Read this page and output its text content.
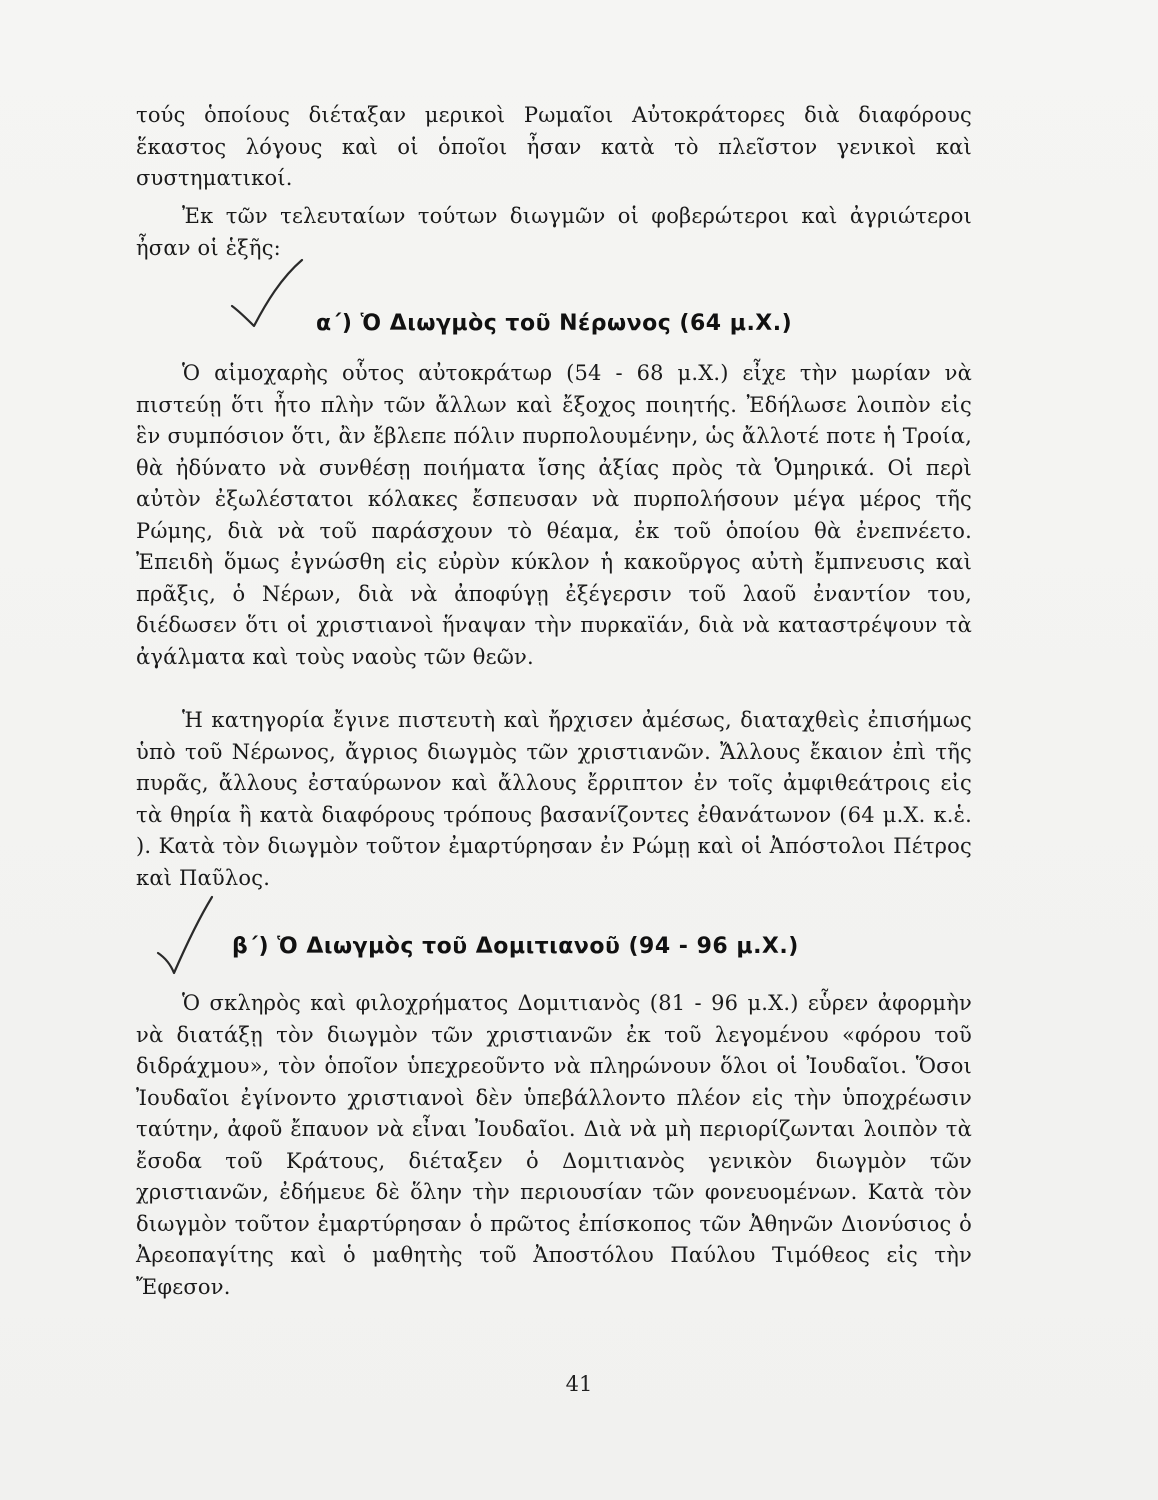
τούς ὁποίους διέταξαν μερικοὶ Ρωμαῖοι Αὐτοκράτορες διὰ διαφόρους ἕκαστος λόγους καὶ οἱ ὁποῖοι ἦσαν κατὰ τὸ πλεῖστον γενικοὶ καὶ συστηματικοί.

Ἐκ τῶν τελευταίων τούτων διωγμῶν οἱ φοβερώτεροι καὶ ἀγριώτεροι ἦσαν οἱ ἑξῆς:

α΄) Ὁ Διωγμὸς τοῦ Νέρωνος (64 μ.Χ.)

Ὁ αἱμοχαρὴς οὗτος αὐτοκράτωρ (54 - 68 μ.Χ.) εἶχε τὴν μωρίαν νὰ πιστεύῃ ὅτι ἦτο πλὴν τῶν ἄλλων καὶ ἔξοχος ποιητής. Ἐδήλωσε λοιπὸν εἰς ἓν συμπόσιον ὅτι, ἂν ἔβλεπε πόλιν πυρπολουμένην, ὡς ἄλλοτέ ποτε ἡ Τροία, θὰ ἠδύνατο νὰ συνθέσῃ ποιήματα ἴσης ἀξίας πρὸς τὰ Ὁμηρικά. Οἱ περὶ αὐτὸν ἐξωλέστατοι κόλακες ἔσπευσαν νὰ πυρπολήσουν μέγα μέρος τῆς Ρώμης, διὰ νὰ τοῦ παράσχουν τὸ θέαμα, ἐκ τοῦ ὁποίου θὰ ἐνεπνέετο. Ἐπειδὴ ὅμως ἐγνώσθη εἰς εὐρὺν κύκλον ἡ κακοῦργος αὐτὴ ἔμπνευσις καὶ πρᾶξις, ὁ Νέρων, διὰ νὰ ἀποφύγῃ ἐξέγερσιν τοῦ λαοῦ ἐναντίον του, διέδωσεν ὅτι οἱ χριστιανοὶ ἥναψαν τὴν πυρκαϊάν, διὰ νὰ καταστρέψουν τὰ ἀγάλματα καὶ τοὺς ναοὺς τῶν θεῶν.

Ἡ κατηγορία ἔγινε πιστευτὴ καὶ ἤρχισεν ἀμέσως, διαταχθεὶς ἐπισήμως ὑπὸ τοῦ Νέρωνος, ἄγριος διωγμὸς τῶν χριστιανῶν. Ἄλλους ἔκαιον ἐπὶ τῆς πυρᾶς, ἄλλους ἐσταύρωνον καὶ ἄλλους ἔρριπτον ἐν τοῖς ἀμφιθεάτροις εἰς τὰ θηρία ἢ κατὰ διαφόρους τρόπους βασανίζοντες ἐθανάτωνον (64 μ.Χ. κ.ἑ. ). Κατὰ τὸν διωγμὸν τοῦτον ἐμαρτύρησαν ἐν Ρώμῃ καὶ οἱ Ἀπόστολοι Πέτρος καὶ Παῦλος.

β΄) Ὁ Διωγμὸς τοῦ Δομιτιανοῦ (94 - 96 μ.Χ.)

Ὁ σκληρὸς καὶ φιλοχρήματος Δομιτιανὸς (81 - 96 μ.Χ.) εὗρεν ἀφορμὴν νὰ διατάξῃ τὸν διωγμὸν τῶν χριστιανῶν ἐκ τοῦ λεγομένου «φόρου τοῦ διδράχμου», τὸν ὁποῖον ὑπεχρεοῦντο νὰ πληρώνουν ὅλοι οἱ Ἰουδαῖοι. Ὅσοι Ἰουδαῖοι ἐγίνοντο χριστιανοὶ δὲν ὑπεβάλλοντο πλέον εἰς τὴν ὑποχρέωσιν ταύτην, ἀφοῦ ἔπαυον νὰ εἶναι Ἰουδαῖοι. Διὰ νὰ μὴ περιορίζωνται λοιπὸν τὰ ἔσοδα τοῦ Κράτους, διέταξεν ὁ Δομιτιανὸς γενικὸν διωγμὸν τῶν χριστιανῶν, ἐδήμευε δὲ ὅλην τὴν περιουσίαν τῶν φονευομένων. Κατὰ τὸν διωγμὸν τοῦτον ἐμαρτύρησαν ὁ πρῶτος ἐπίσκοπος τῶν Ἀθηνῶν Διονύσιος ὁ Ἀρεοπαγίτης καὶ ὁ μαθητὴς τοῦ Ἀποστόλου Παύλου Τιμόθεος εἰς τὴν Ἔφεσον.

41
